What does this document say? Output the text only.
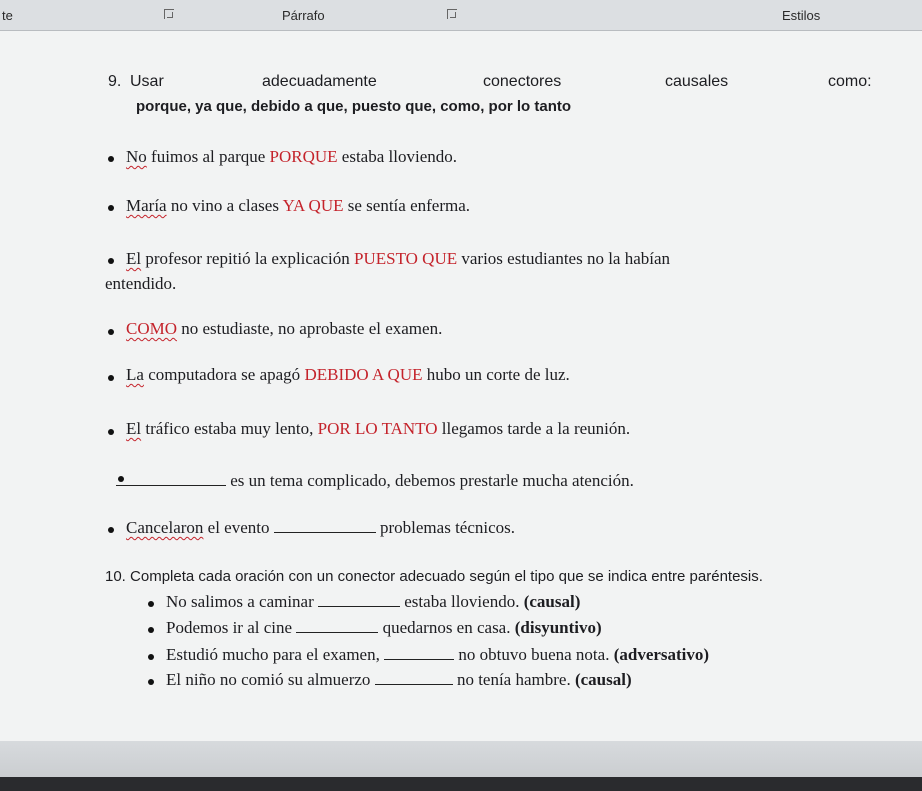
te	Párrafo	Estilos
9. Usar	adecuadamente	conectores	causales	como:
porque, ya que, debido a que, puesto que, como, por lo tanto
No fuimos al parque PORQUE estaba lloviendo.
María no vino a clases YA QUE se sentía enferma.
El profesor repitió la explicación PUESTO QUE varios estudiantes no la habían
entendido.
COMO no estudiaste, no aprobaste el examen.
La computadora se apagó DEBIDO A QUE hubo un corte de luz.
El tráfico estaba muy lento, POR LO TANTO llegamos tarde a la reunión.
es un tema complicado, debemos prestarle mucha atención.
Cancelaron el evento	problemas técnicos.
10. Completa cada oración con un conector adecuado según el tipo que se indica entre paréntesis.
No salimos a caminar	estaba lloviendo. (causal)
Podemos ir al cine	quedarnos en casa. (disyuntivo)
Estudió mucho para el examen,	no obtuvo buena nota. (adversativo)
El niño no comió su almuerzo	no tenía hambre. (causal)
